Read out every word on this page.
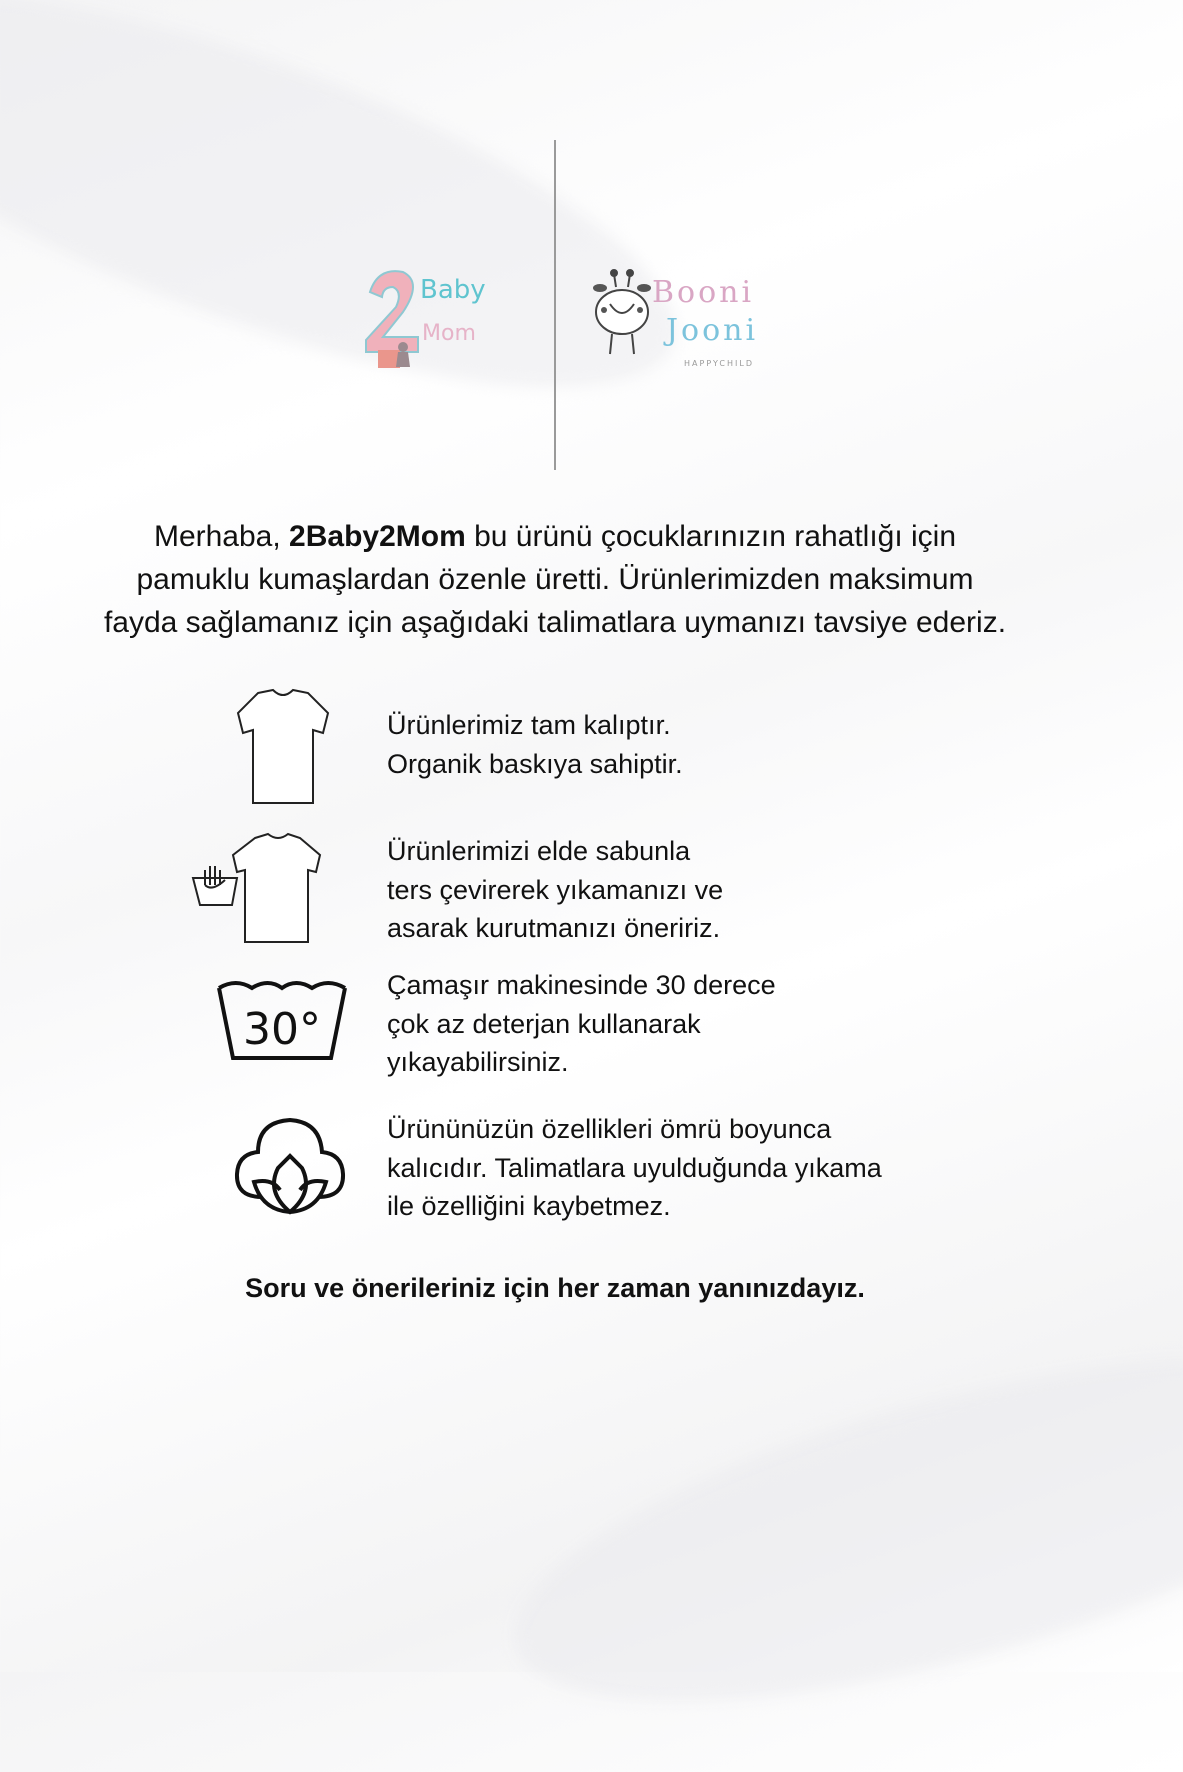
Baby
Mom
Booni
Jooni
HAPPYCHILD
Merhaba, 2Baby2Mom bu ürünü çocuklarınızın rahatlığı için
pamuklu kumaşlardan özenle üretti. Ürünlerimizden maksimum
fayda sağlamanız için aşağıdaki talimatlara uymanızı tavsiye ederiz.
Ürünlerimiz tam kalıptır.
Organik baskıya sahiptir.
Ürünlerimizi elde sabunla
ters çevirerek yıkamanızı ve
asarak kurutmanızı öneririz.
30°
Çamaşır makinesinde 30 derece
çok az deterjan kullanarak
yıkayabilirsiniz.
Ürününüzün özellikleri ömrü boyunca
kalıcıdır. Talimatlara uyulduğunda yıkama
ile özelliğini kaybetmez.
Soru ve önerileriniz için her zaman yanınızdayız.
